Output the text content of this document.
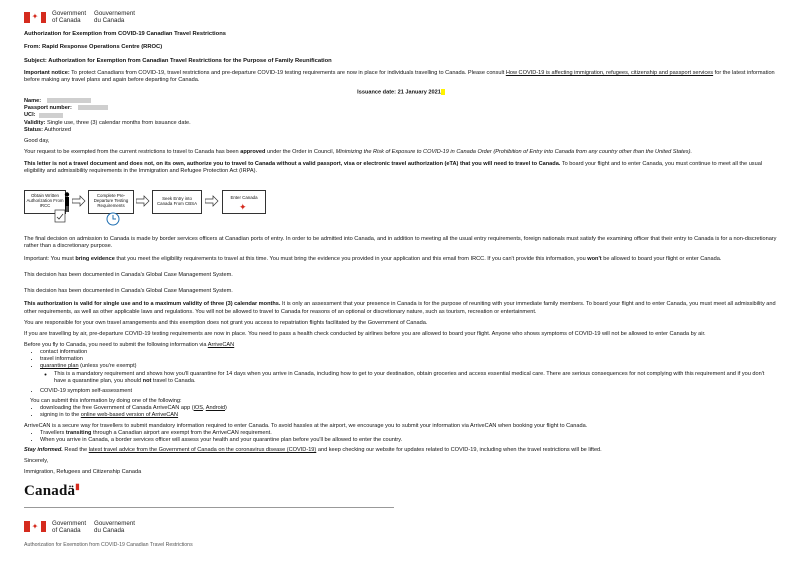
✦	Government
of Canada
Gouvernement
du Canada
Authorization for Exemption from COVID-19 Canadian Travel Restrictions
From: Rapid Response Operations Centre (RROC)
Subject: Authorization for Exemption from Canadian Travel Restrictions for the Purpose of Family Reunification

Important notice: To protect Canadians from COVID-19, travel restrictions and pre-departure COVID-19 testing requirements are now in place for individuals travelling to Canada. Please consult How COVID-19 is affecting immigration, refugees, citizenship and passport services for the latest information before making any travel plans and again before departing for Canada.

Issuance date: 21 January 2021
Name:
Passport number:
UCI:
Validity: Single use, three (3) calendar months from issuance date.
Status: Authorized

Good day,

Your request to be exempted from the current restrictions to travel to Canada has been approved under the Order in Council, Minimizing the Risk of Exposure to COVID-19 in Canada Order (Prohibition of Entry into Canada from any country other than the United States).

This letter is not a travel document and does not, on its own, authorize you to travel to Canada without a valid passport, visa or electronic travel authorization (eTA) that you will need to travel to Canada. To board your flight and to enter Canada, you must continue to meet all the usual eligibility and admissibility requirements in the Immigration and Refugee Protection Act (IRPA).

Obtain Written Authorization From IRCC
Complete Pre-Departure Testing Requirements
Seek Entry into Canada From CBSA
Enter Canada
✦

The final decision on admission to Canada is made by border services officers at Canadian ports of entry. In order to be admitted into Canada, and in addition to meeting all the usual entry requirements, foreign nationals must satisfy the examining officer that their entry to Canada is for a non-discretionary rather than a discretionary purpose.

Important: You must bring evidence that you meet the eligibility requirements to travel at this time. You must bring the evidence you provided in your application and this email from IRCC. If you can't provide this information, you won't be allowed to board your flight or enter Canada.

This decision has been documented in Canada's Global Case Management System.

This decision has been documented in Canada's Global Case Management System.

This authorization is valid for single use and to a maximum validity of three (3) calendar months. It is only an assessment that your presence in Canada is for the purpose of reuniting with your immediate family members. To board your flight and to enter Canada, you must meet all admissibility and other requirements, as well as other applicable laws and regulations. You will not be allowed to travel to Canada for reasons of an optional or discretionary nature, such as tourism, recreation or entertainment.

You are responsible for your own travel arrangements and this exemption does not grant you access to repatriation flights facilitated by the Government of Canada.

If you are travelling by air, pre-departure COVID-19 testing requirements are now in place. You need to pass a health check conducted by airlines before you are allowed to board your flight. Anyone who shows symptoms of COVID-19 will not be allowed to enter Canada by air.

Before you fly to Canada, you need to submit the following information via ArriveCAN
• contact information
• travel information
• quarantine plan (unless you're exempt)
◦ This is a mandatory requirement and shows how you'll quarantine for 14 days when you arrive in Canada, including how to get to your destination, obtain groceries and access essential medical care. There are serious consequences for not complying with this requirement and if you don't have a quarantine plan, you should not travel to Canada.
• COVID-19 symptom self-assessment
You can submit this information by doing one of the following:
• downloading the free Government of Canada ArriveCAN app (iOS, Android)
• signing in to the online web-based version of ArriveCAN
ArriveCAN is a secure way for travellers to submit mandatory information required to enter Canada. To avoid hassles at the airport, we encourage you to submit your information via ArriveCAN when booking your flight to Canada.
• Travellers transiting through a Canadian airport are exempt from the ArriveCAN requirement.
• When you arrive in Canada, a border services officer will assess your health and your quarantine plan before you'll be allowed to enter the country.

Stay informed. Read the latest travel advice from the Government of Canada on the coronavirus disease (COVID-19) and keep checking our website for updates related to COVID-19, including when the travel restrictions will be lifted.

Sincerely,

Immigration, Refugees and Citizenship Canada

Canadä▮
✦	Government
of Canada
Gouvernement
du Canada
Authorization for Exemption from COVID-19 Canadian Travel Restrictions
